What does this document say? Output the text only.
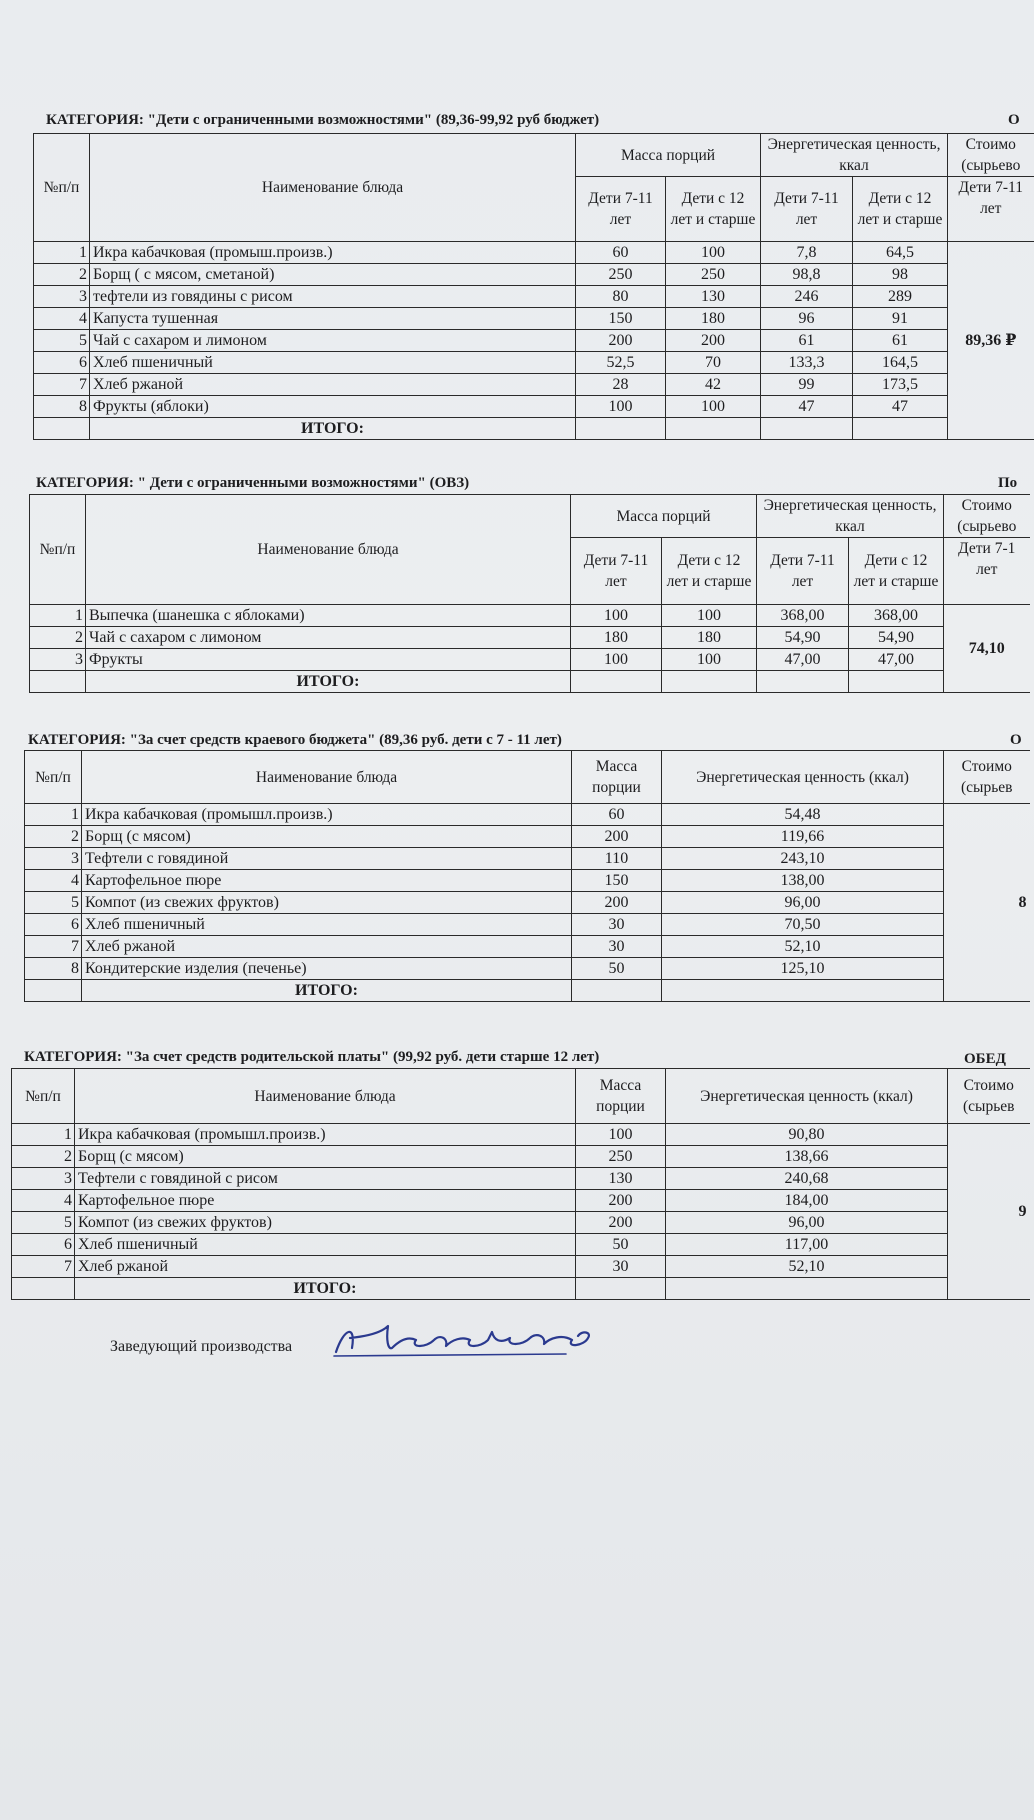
КАТЕГОРИЯ: "Дети с ограниченными возможностями" (89,36-99,92 руб бюджет)	О
№п/п	Наименование блюда	Масса порций		Энергетическая ценность, ккал		Стоимо (сырьево
		Дети 7-11 лет	Дети с 12 лет и старше	Дети 7-11 лет	Дети с 12 лет и старше	Дети 7-11 лет
1	Икра кабачковая (промыш.произв.)	60	100	7,8	64,5	89,36 ₽
2	Борщ ( с мясом, сметаной)	250	250	98,8	98	
3	тефтели из говядины с рисом	80	130	246	289	
4	Капуста тушенная	150	180	96	91	
5	Чай с сахаром и лимоном	200	200	61	61	
6	Хлеб пшеничный	52,5	70	133,3	164,5	
7	Хлеб ржаной	28	42	99	173,5	
8	Фрукты (яблоки)	100	100	47	47	
	ИТОГО:					
КАТЕГОРИЯ: " Дети с ограниченными возможностями" (ОВЗ)	По
№п/п	Наименование блюда	Масса порций		Энергетическая ценность, ккал		Стоимо (сырьево
		Дети 7-11 лет	Дети с 12 лет и старше	Дети 7-11 лет	Дети с 12 лет и старше	Дети 7-1 лет
1	Выпечка (шанешка с яблоками)	100	100	368,00	368,00	74,10
2	Чай с сахаром с лимоном	180	180	54,90	54,90	
3	Фрукты	100	100	47,00	47,00	
	ИТОГО:					
КАТЕГОРИЯ: "За счет средств краевого бюджета" (89,36 руб. дети с 7 - 11 лет)	О
№п/п	Наименование блюда	Масса порции	Энергетическая ценность (ккал)	Стоимо (сырьев
1	Икра кабачковая (промышл.произв.)	60	54,48	8
2	Борщ (с мясом)	200	119,66	
3	Тефтели с говядиной	110	243,10	
4	Картофельное пюре	150	138,00	
5	Компот (из свежих фруктов)	200	96,00	
6	Хлеб пшеничный	30	70,50	
7	Хлеб ржаной	30	52,10	
8	Кондитерские изделия (печенье)	50	125,10	
	ИТОГО:			
КАТЕГОРИЯ: "За счет средств родительской платы" (99,92 руб. дети старше 12 лет)	ОБЕД
№п/п	Наименование блюда	Масса порции	Энергетическая ценность (ккал)	Стоимо (сырьев
1	Икра кабачковая (промышл.произв.)	100	90,80	9
2	Борщ (с мясом)	250	138,66	
3	Тефтели с говядиной с рисом	130	240,68	
4	Картофельное пюре	200	184,00	
5	Компот (из свежих фруктов)	200	96,00	
6	Хлеб пшеничный	50	117,00	
7	Хлеб ржаной	30	52,10	
	ИТОГО:			
Заведующий производства
